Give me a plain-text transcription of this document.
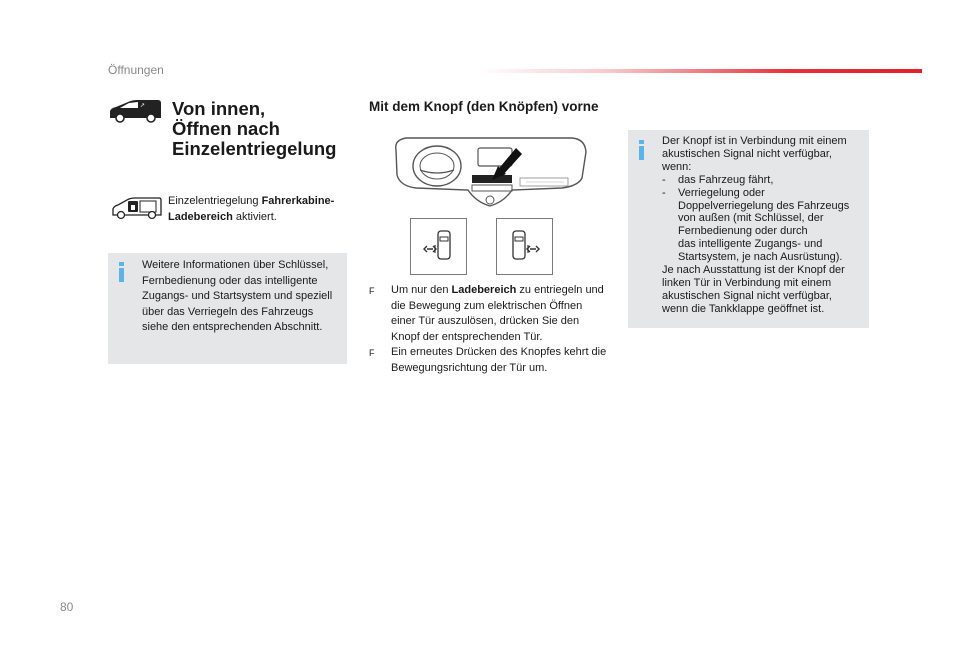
Öffnungen
↗ Von innen,
Öffnen nach
Einzelentriegelung
Einzelentriegelung Fahrerkabine-Ladebereich aktiviert.
Weitere Informationen über Schlüssel,
Fernbedienung oder das intelligente
Zugangs- und Startsystem und speziell
über das Verriegeln des Fahrzeugs
siehe den entsprechenden Abschnitt.
Mit dem Knopf (den Knöpfen) vorne
F	Um nur den Ladebereich zu entriegeln und die Bewegung zum elektrischen Öffnen einer Tür auszulösen, drücken Sie den Knopf der entsprechenden Tür.
F	Ein erneutes Drücken des Knopfes kehrt die Bewegungsrichtung der Tür um.
Der Knopf ist in Verbindung mit einem
akustischen Signal nicht verfügbar,
wenn:
-	das Fahrzeug fährt,
-	Verriegelung oder
Doppelverriegelung des Fahrzeugs
von außen (mit Schlüssel, der
Fernbedienung oder durch
das intelligente Zugangs- und
Startsystem, je nach Ausrüstung).
Je nach Ausstattung ist der Knopf der
linken Tür in Verbindung mit einem
akustischen Signal nicht verfügbar,
wenn die Tankklappe geöffnet ist.
80
